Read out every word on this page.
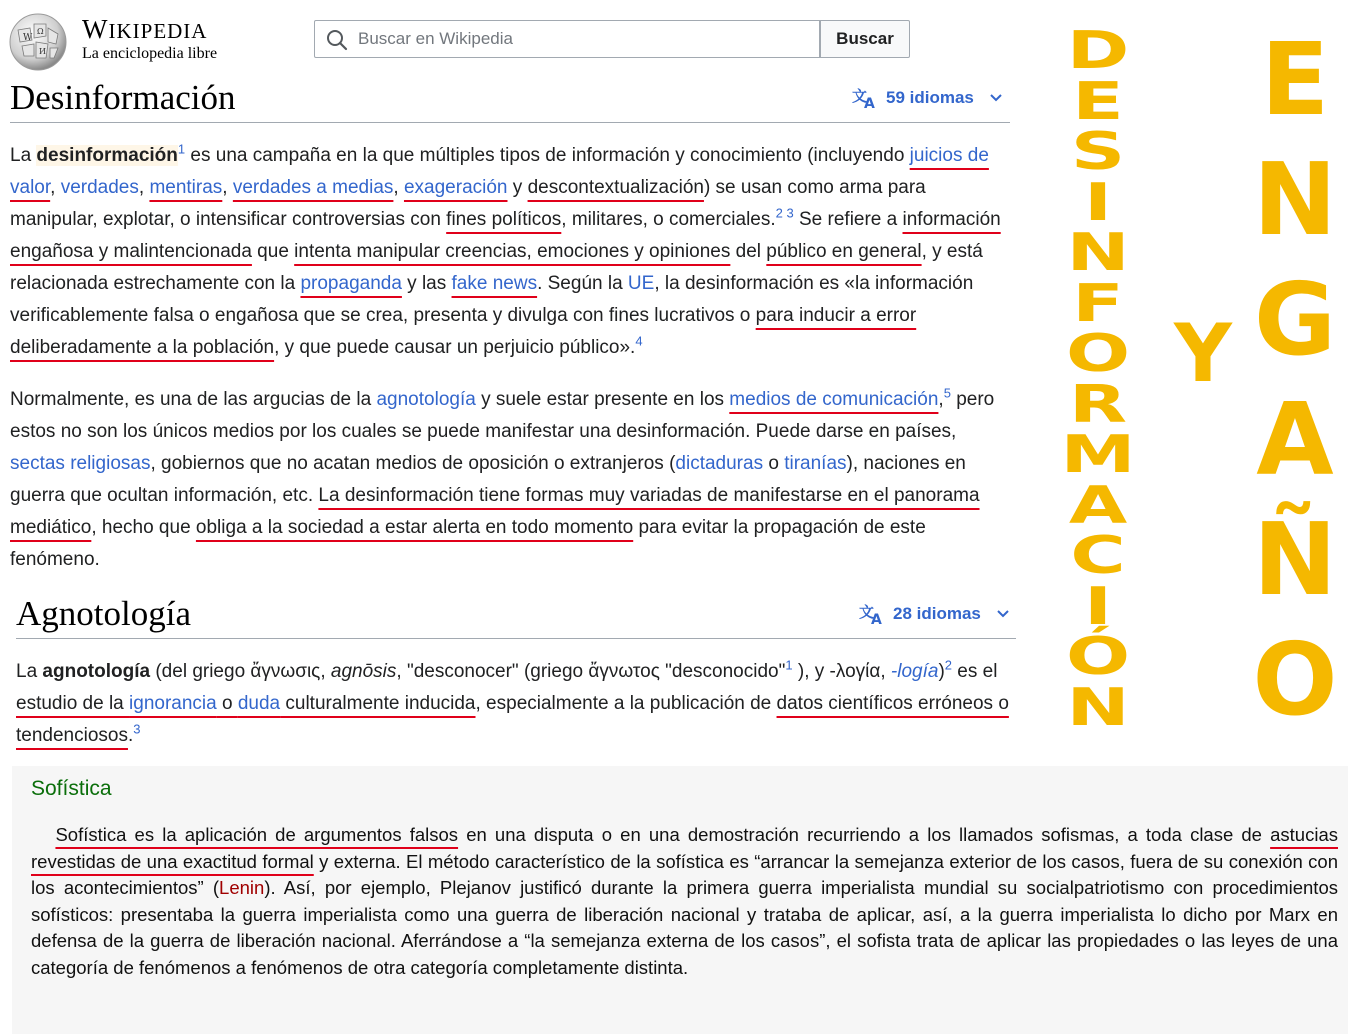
W
Ω
И
WIKIPEDIA
La enciclopedia libre
Buscar en Wikipedia
Buscar
Desinformación	文
A 59 idiomas
La desinformación$^1$ es una campaña en la que múltiples tipos de información y conocimiento (incluyendo juicios de valor, verdades, mentiras, verdades a medias, exageración y descontextualización) se usan como arma para manipular, explotar, o intensificar controversias con fines políticos, militares, o comerciales.$^{2 3}$ Se refiere a información engañosa y malintencionada que intenta manipular creencias, emociones y opiniones del público en general, y está relacionada estrechamente con la propaganda y las fake news. Según la UE, la desinformación es «la información verificablemente falsa o engañosa que se crea, presenta y divulga con fines lucrativos o para inducir a error deliberadamente a la población, y que puede causar un perjuicio público».$^4$
Normalmente, es una de las argucias de la agnotología y suele estar presente en los medios de comunicación,$^5$ pero estos no son los únicos medios por los cuales se puede manifestar una desinformación. Puede darse en países, sectas religiosas, gobiernos que no acatan medios de oposición o extranjeros (dictaduras o tiranías), naciones en guerra que ocultan información, etc. La desinformación tiene formas muy variadas de manifestarse en el panorama mediático, hecho que obliga a la sociedad a estar alerta en todo momento para evitar la propagación de este fenómeno.
Agnotología	文
A 28 idiomas
La agnotología (del griego ἄγνωσις, agnōsis, "desconocer" (griego ἄγνωτος "desconocido"$^1$ ), y -λογία, -logía)$^2$ es el estudio de la ignorancia o duda culturalmente inducida, especialmente a la publicación de datos científicos erróneos o tendenciosos.$^3$
Sofística
Sofística es la aplicación de argumentos falsos en una disputa o en una demostración recurriendo a los llamados sofismas, a toda clase de astucias revestidas de una exactitud formal y externa. El método característico de la sofística es “arrancar la semejanza exterior de los casos, fuera de su conexión con los acontecimientos” (Lenin). Así, por ejemplo, Plejanov justificó durante la primera guerra imperialista mundial su socialpatriotismo con procedimientos sofísticos: presentaba la guerra imperialista como una guerra de liberación nacional y trataba de aplicar, así, a la guerra imperialista lo dicho por Marx en defensa de la guerra de liberación nacional. Aferrándose a “la semejanza externa de los casos”, el sofista trata de aplicar las propiedades o las leyes de una categoría de fenómenos a fenómenos de otra categoría completamente distinta.
D
E
S
I
N
F
O
R
M
A
C
I
Ó
N
Y
E
N
G
A
Ñ
O
